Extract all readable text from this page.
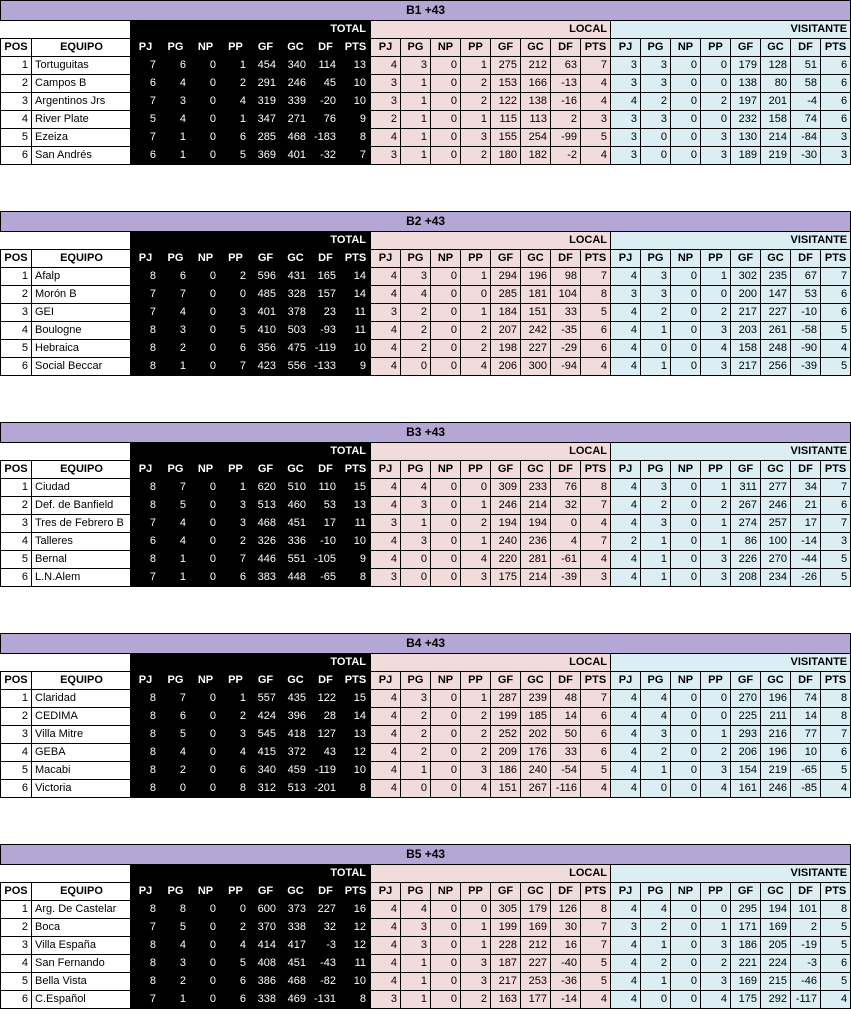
B1 +43																									
		TOTAL								LOCAL								VISITANTE							
POS	EQUIPO	PJ	PG	NP	PP	GF	GC	DF	PTS	PJ	PG	NP	PP	GF	GC	DF	PTS	PJ	PG	NP	PP	GF	GC	DF	PTS
1	Tortuguitas	7	6	0	1	454	340	114	13	4	3	0	1	275	212	63	7	3	3	0	0	179	128	51	6
2	Campos B	6	4	0	2	291	246	45	10	3	1	0	2	153	166	-13	4	3	3	0	0	138	80	58	6
3	Argentinos Jrs	7	3	0	4	319	339	-20	10	3	1	0	2	122	138	-16	4	4	2	0	2	197	201	-4	6
4	River Plate	5	4	0	1	347	271	76	9	2	1	0	1	115	113	2	3	3	3	0	0	232	158	74	6
5	Ezeiza	7	1	0	6	285	468	-183	8	4	1	0	3	155	254	-99	5	3	0	0	3	130	214	-84	3
6	San Andrés	6	1	0	5	369	401	-32	7	3	1	0	2	180	182	-2	4	3	0	0	3	189	219	-30	3
B2 +43																									
		TOTAL								LOCAL								VISITANTE							
POS	EQUIPO	PJ	PG	NP	PP	GF	GC	DF	PTS	PJ	PG	NP	PP	GF	GC	DF	PTS	PJ	PG	NP	PP	GF	GC	DF	PTS
1	Afalp	8	6	0	2	596	431	165	14	4	3	0	1	294	196	98	7	4	3	0	1	302	235	67	7
2	Morón B	7	7	0	0	485	328	157	14	4	4	0	0	285	181	104	8	3	3	0	0	200	147	53	6
3	GEI	7	4	0	3	401	378	23	11	3	2	0	1	184	151	33	5	4	2	0	2	217	227	-10	6
4	Boulogne	8	3	0	5	410	503	-93	11	4	2	0	2	207	242	-35	6	4	1	0	3	203	261	-58	5
5	Hebraica	8	2	0	6	356	475	-119	10	4	2	0	2	198	227	-29	6	4	0	0	4	158	248	-90	4
6	Social Beccar	8	1	0	7	423	556	-133	9	4	0	0	4	206	300	-94	4	4	1	0	3	217	256	-39	5
B3 +43																									
		TOTAL								LOCAL								VISITANTE							
POS	EQUIPO	PJ	PG	NP	PP	GF	GC	DF	PTS	PJ	PG	NP	PP	GF	GC	DF	PTS	PJ	PG	NP	PP	GF	GC	DF	PTS
1	Ciudad	8	7	0	1	620	510	110	15	4	4	0	0	309	233	76	8	4	3	0	1	311	277	34	7
2	Def. de Banfield	8	5	0	3	513	460	53	13	4	3	0	1	246	214	32	7	4	2	0	2	267	246	21	6
3	Tres de Febrero B	7	4	0	3	468	451	17	11	3	1	0	2	194	194	0	4	4	3	0	1	274	257	17	7
4	Talleres	6	4	0	2	326	336	-10	10	4	3	0	1	240	236	4	7	2	1	0	1	86	100	-14	3
5	Bernal	8	1	0	7	446	551	-105	9	4	0	0	4	220	281	-61	4	4	1	0	3	226	270	-44	5
6	L.N.Alem	7	1	0	6	383	448	-65	8	3	0	0	3	175	214	-39	3	4	1	0	3	208	234	-26	5
B4 +43																									
		TOTAL								LOCAL								VISITANTE							
POS	EQUIPO	PJ	PG	NP	PP	GF	GC	DF	PTS	PJ	PG	NP	PP	GF	GC	DF	PTS	PJ	PG	NP	PP	GF	GC	DF	PTS
1	Claridad	8	7	0	1	557	435	122	15	4	3	0	1	287	239	48	7	4	4	0	0	270	196	74	8
2	CEDIMA	8	6	0	2	424	396	28	14	4	2	0	2	199	185	14	6	4	4	0	0	225	211	14	8
3	Villa Mitre	8	5	0	3	545	418	127	13	4	2	0	2	252	202	50	6	4	3	0	1	293	216	77	7
4	GEBA	8	4	0	4	415	372	43	12	4	2	0	2	209	176	33	6	4	2	0	2	206	196	10	6
5	Macabi	8	2	0	6	340	459	-119	10	4	1	0	3	186	240	-54	5	4	1	0	3	154	219	-65	5
6	Victoria	8	0	0	8	312	513	-201	8	4	0	0	4	151	267	-116	4	4	0	0	4	161	246	-85	4
B5 +43																									
		TOTAL								LOCAL								VISITANTE							
POS	EQUIPO	PJ	PG	NP	PP	GF	GC	DF	PTS	PJ	PG	NP	PP	GF	GC	DF	PTS	PJ	PG	NP	PP	GF	GC	DF	PTS
1	Arg. De Castelar	8	8	0	0	600	373	227	16	4	4	0	0	305	179	126	8	4	4	0	0	295	194	101	8
2	Boca	7	5	0	2	370	338	32	12	4	3	0	1	199	169	30	7	3	2	0	1	171	169	2	5
3	Villa España	8	4	0	4	414	417	-3	12	4	3	0	1	228	212	16	7	4	1	0	3	186	205	-19	5
4	San Fernando	8	3	0	5	408	451	-43	11	4	1	0	3	187	227	-40	5	4	2	0	2	221	224	-3	6
5	Bella Vista	8	2	0	6	386	468	-82	10	4	1	0	3	217	253	-36	5	4	1	0	3	169	215	-46	5
6	C.Español	7	1	0	6	338	469	-131	8	3	1	0	2	163	177	-14	4	4	0	0	4	175	292	-117	4
